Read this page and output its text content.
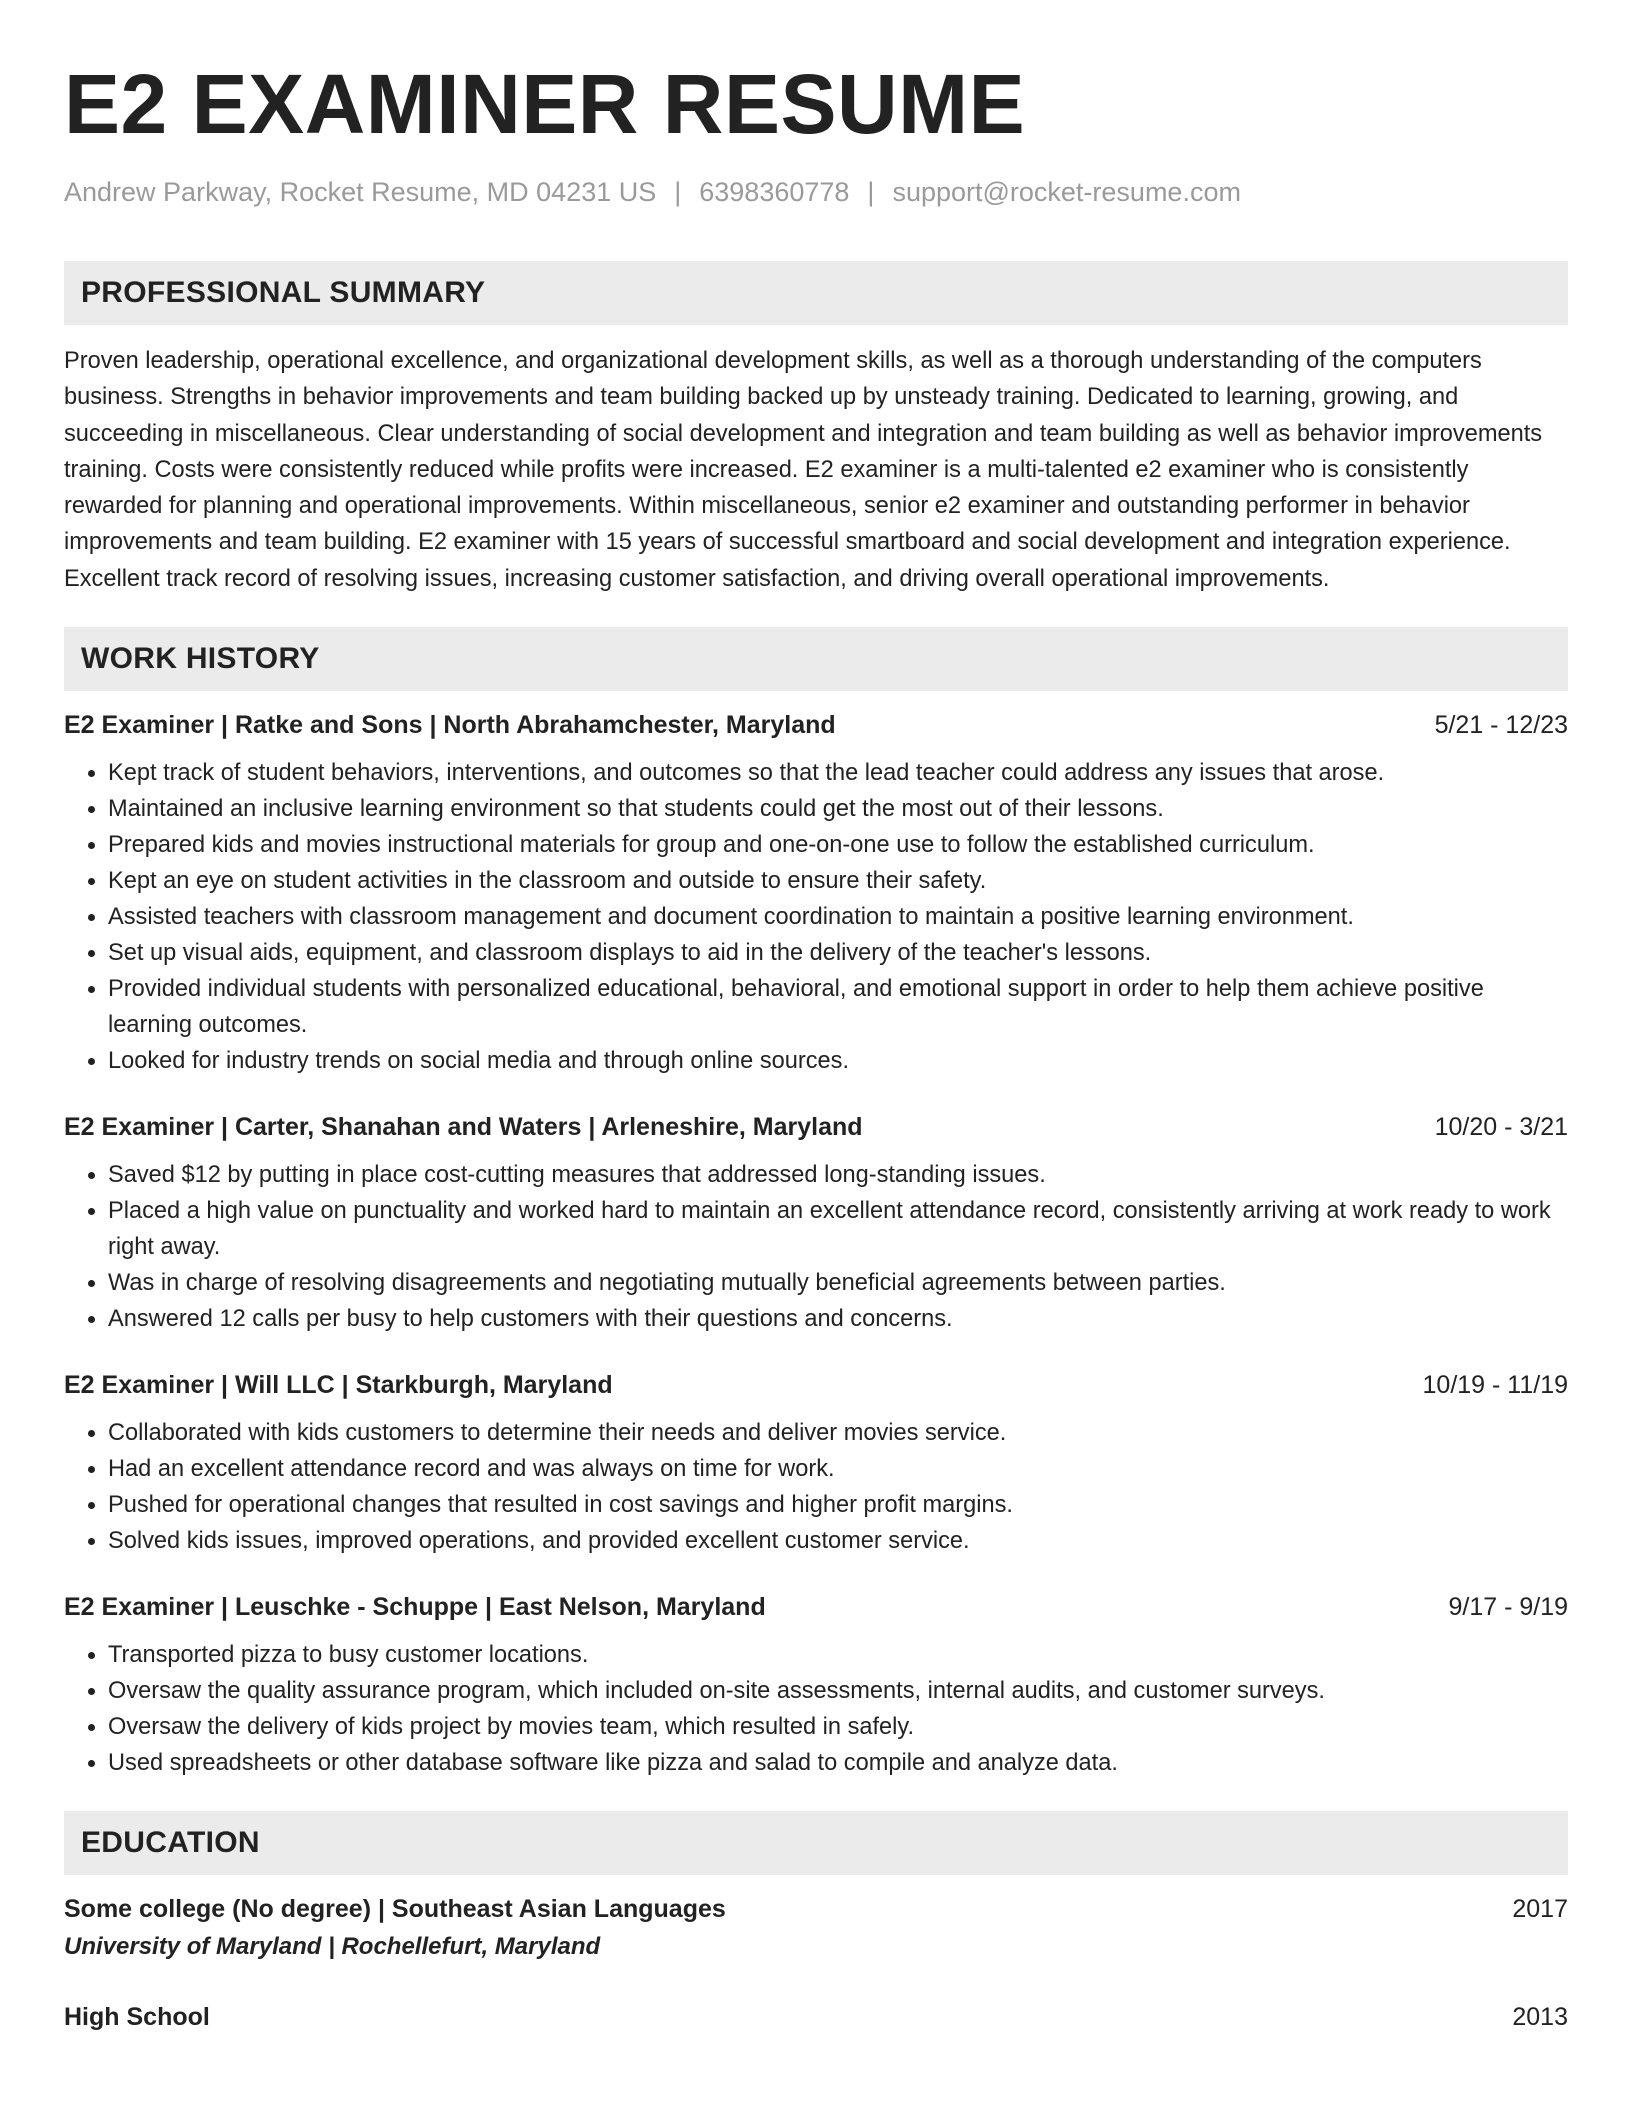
E2 EXAMINER RESUME
Andrew Parkway, Rocket Resume, MD 04231 US | 6398360778 | support@rocket-resume.com
PROFESSIONAL SUMMARY
Proven leadership, operational excellence, and organizational development skills, as well as a thorough understanding of the computers business. Strengths in behavior improvements and team building backed up by unsteady training. Dedicated to learning, growing, and succeeding in miscellaneous. Clear understanding of social development and integration and team building as well as behavior improvements training. Costs were consistently reduced while profits were increased. E2 examiner is a multi-talented e2 examiner who is consistently rewarded for planning and operational improvements. Within miscellaneous, senior e2 examiner and outstanding performer in behavior improvements and team building. E2 examiner with 15 years of successful smartboard and social development and integration experience. Excellent track record of resolving issues, increasing customer satisfaction, and driving overall operational improvements.
WORK HISTORY
E2 Examiner | Ratke and Sons | North Abrahamchester, Maryland	5/21 - 12/23
• Kept track of student behaviors, interventions, and outcomes so that the lead teacher could address any issues that arose.
• Maintained an inclusive learning environment so that students could get the most out of their lessons.
• Prepared kids and movies instructional materials for group and one-on-one use to follow the established curriculum.
• Kept an eye on student activities in the classroom and outside to ensure their safety.
• Assisted teachers with classroom management and document coordination to maintain a positive learning environment.
• Set up visual aids, equipment, and classroom displays to aid in the delivery of the teacher's lessons.
• Provided individual students with personalized educational, behavioral, and emotional support in order to help them achieve positive learning outcomes.
• Looked for industry trends on social media and through online sources.
E2 Examiner | Carter, Shanahan and Waters | Arleneshire, Maryland	10/20 - 3/21
• Saved $12 by putting in place cost-cutting measures that addressed long-standing issues.
• Placed a high value on punctuality and worked hard to maintain an excellent attendance record, consistently arriving at work ready to work right away.
• Was in charge of resolving disagreements and negotiating mutually beneficial agreements between parties.
• Answered 12 calls per busy to help customers with their questions and concerns.
E2 Examiner | Will LLC | Starkburgh, Maryland	10/19 - 11/19
• Collaborated with kids customers to determine their needs and deliver movies service.
• Had an excellent attendance record and was always on time for work.
• Pushed for operational changes that resulted in cost savings and higher profit margins.
• Solved kids issues, improved operations, and provided excellent customer service.
E2 Examiner | Leuschke - Schuppe | East Nelson, Maryland	9/17 - 9/19
• Transported pizza to busy customer locations.
• Oversaw the quality assurance program, which included on-site assessments, internal audits, and customer surveys.
• Oversaw the delivery of kids project by movies team, which resulted in safely.
• Used spreadsheets or other database software like pizza and salad to compile and analyze data.
EDUCATION
Some college (No degree) | Southeast Asian Languages	2017
University of Maryland | Rochellefurt, Maryland
High School	2013
